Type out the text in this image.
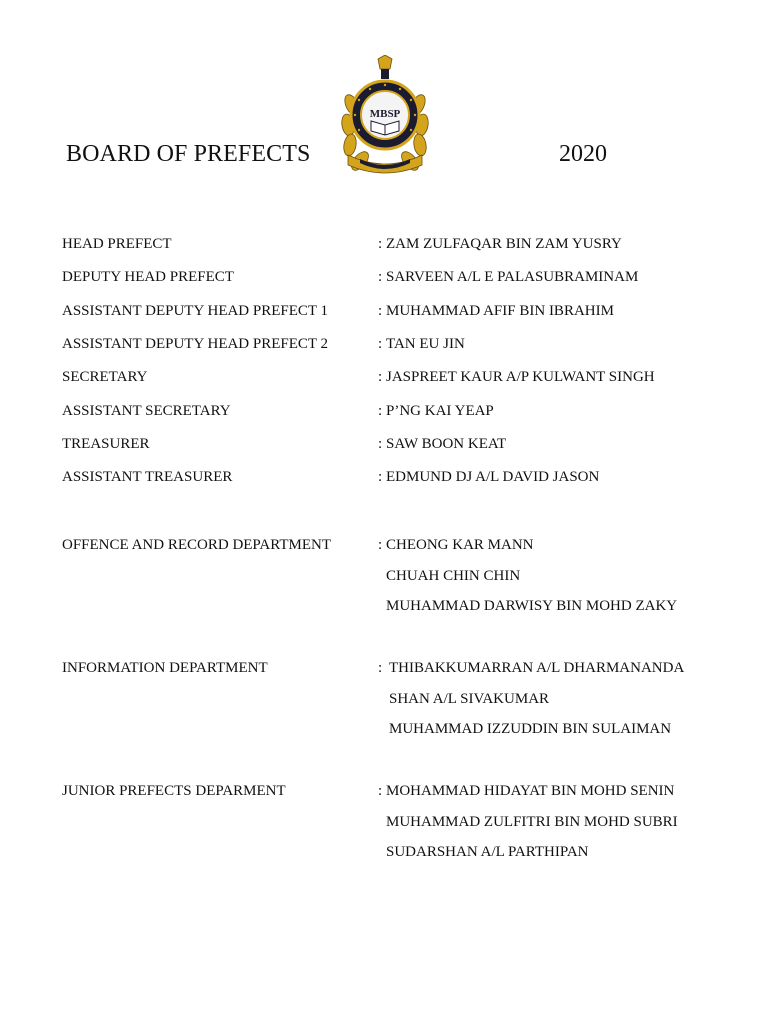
BOARD OF PREFECTS	2020
MBSP
HEAD PREFECT	: ZAM ZULFAQAR BIN ZAM YUSRY
DEPUTY HEAD PREFECT	: SARVEEN A/L E PALASUBRAMINAM
ASSISTANT DEPUTY HEAD PREFECT 1	: MUHAMMAD AFIF BIN IBRAHIM
ASSISTANT DEPUTY HEAD PREFECT 2	: TAN EU JIN
SECRETARY	: JASPREET KAUR A/P KULWANT SINGH
ASSISTANT SECRETARY	: P’NG KAI YEAP
TREASURER	: SAW BOON KEAT
ASSISTANT TREASURER	: EDMUND DJ A/L DAVID JASON
OFFENCE AND RECORD DEPARTMENT	: CHEONG KAR MANN
CHUAH CHIN CHIN
MUHAMMAD DARWISY BIN MOHD ZAKY
INFORMATION DEPARTMENT	: THIBAKKUMARRAN A/L DHARMANANDA
SHAN A/L SIVAKUMAR
MUHAMMAD IZZUDDIN BIN SULAIMAN
JUNIOR PREFECTS DEPARMENT	: MOHAMMAD HIDAYAT BIN MOHD SENIN
MUHAMMAD ZULFITRI BIN MOHD SUBRI
SUDARSHAN A/L PARTHIPAN
